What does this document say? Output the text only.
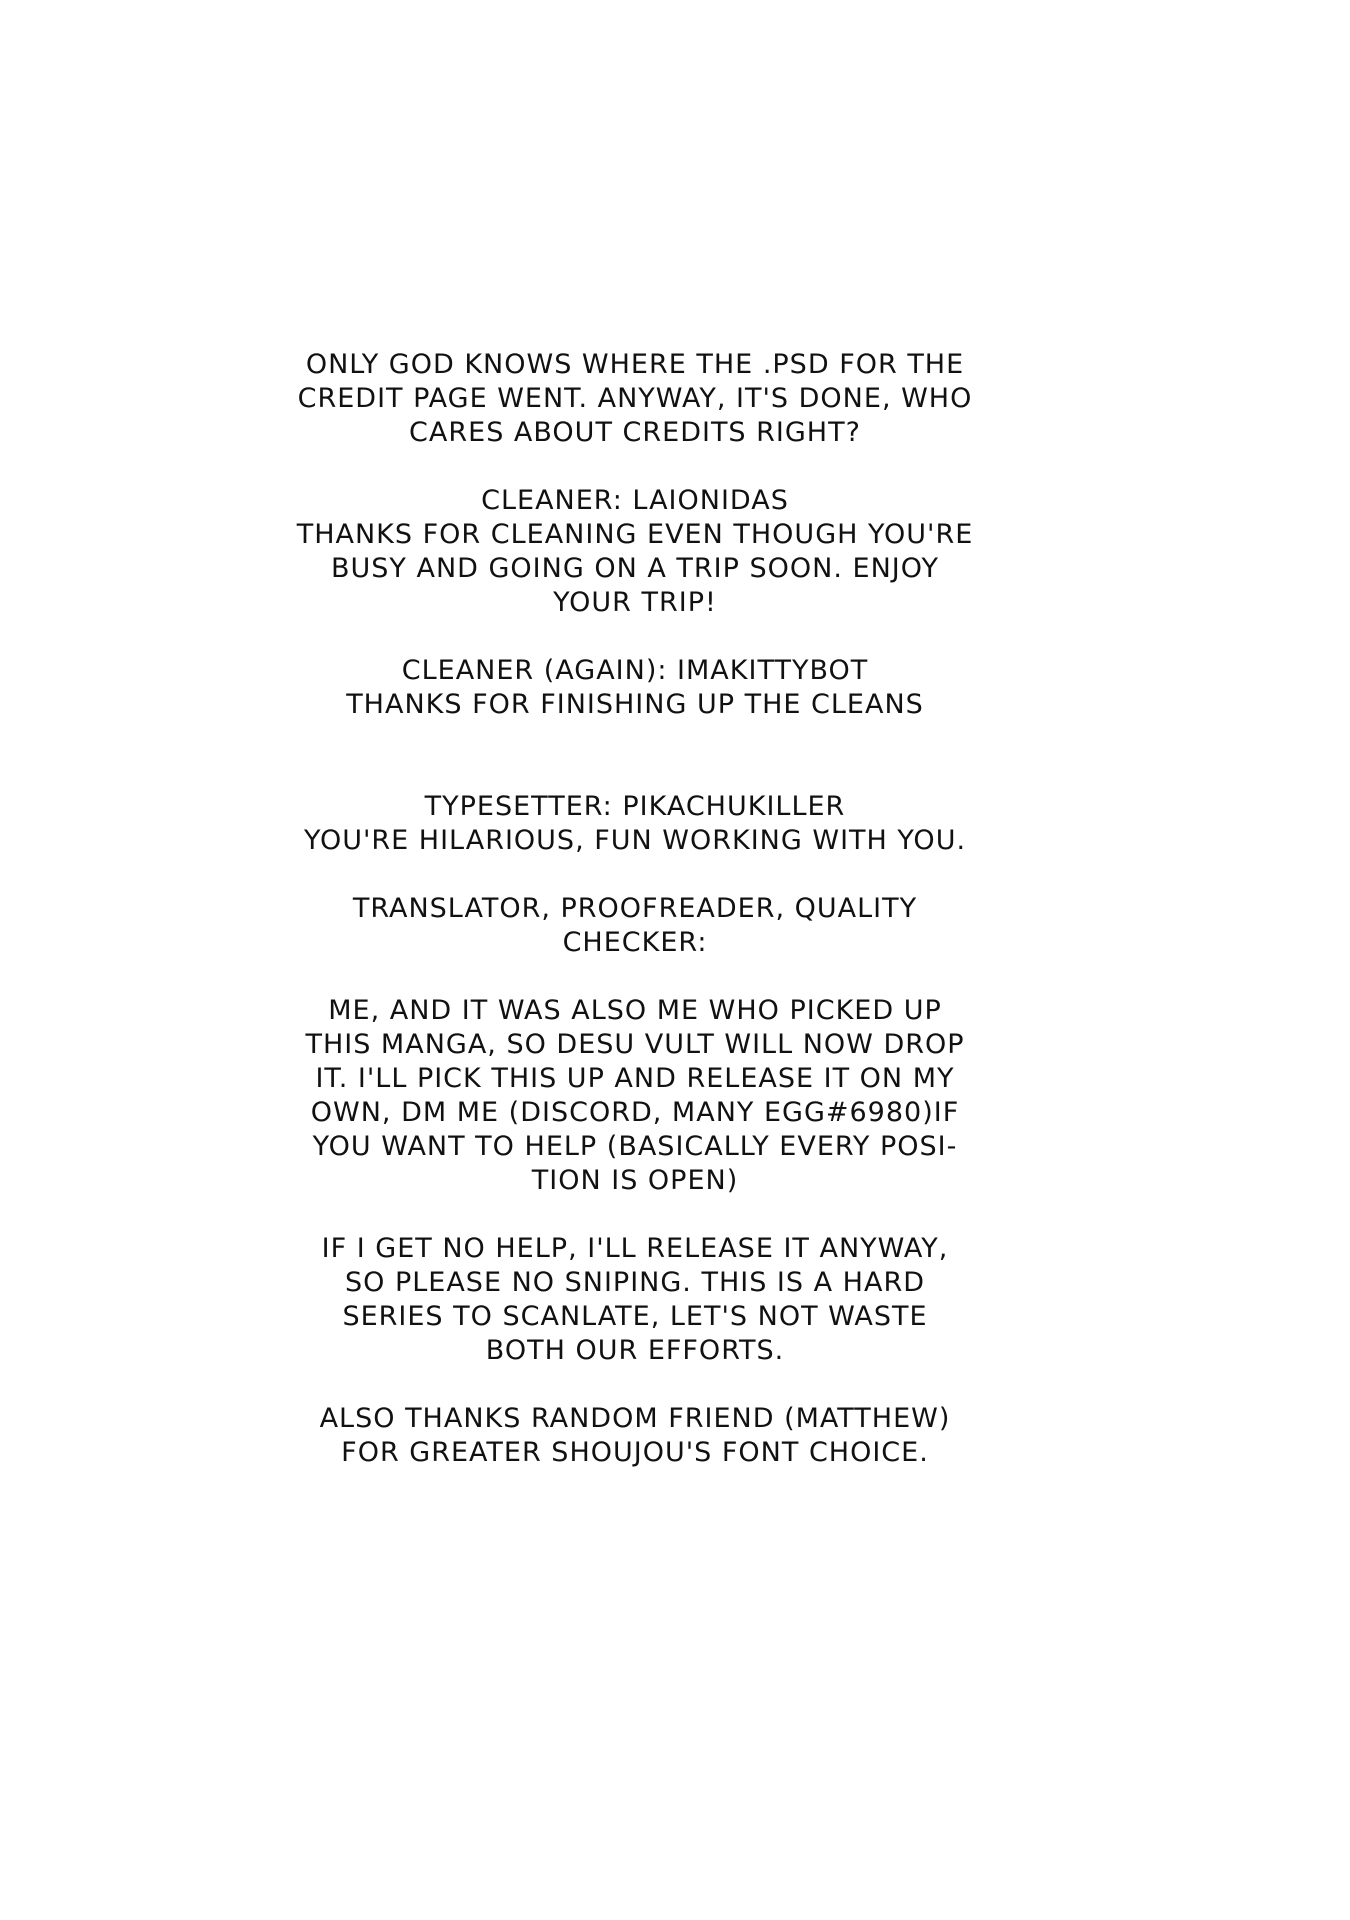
ONLY GOD KNOWS WHERE THE .PSD FOR THE
CREDIT PAGE WENT. ANYWAY, IT'S DONE, WHO
CARES ABOUT CREDITS RIGHT?
CLEANER: LAIONIDAS
THANKS FOR CLEANING EVEN THOUGH YOU'RE
BUSY AND GOING ON A TRIP SOON. ENJOY
YOUR TRIP!
CLEANER (AGAIN): IMAKITTYBOT
THANKS FOR FINISHING UP THE CLEANS
TYPESETTER: PIKACHUKILLER
YOU'RE HILARIOUS, FUN WORKING WITH YOU.
TRANSLATOR, PROOFREADER, QUALITY
CHECKER:
ME, AND IT WAS ALSO ME WHO PICKED UP
THIS MANGA, SO DESU VULT WILL NOW DROP
IT. I'LL PICK THIS UP AND RELEASE IT ON MY
OWN, DM ME (DISCORD, MANY EGG#6980)IF
YOU WANT TO HELP (BASICALLY EVERY POSI-
TION IS OPEN)
IF I GET NO HELP, I'LL RELEASE IT ANYWAY,
SO PLEASE NO SNIPING. THIS IS A HARD
SERIES TO SCANLATE, LET'S NOT WASTE
BOTH OUR EFFORTS.
ALSO THANKS RANDOM FRIEND (MATTHEW)
FOR GREATER SHOUJOU'S FONT CHOICE.
